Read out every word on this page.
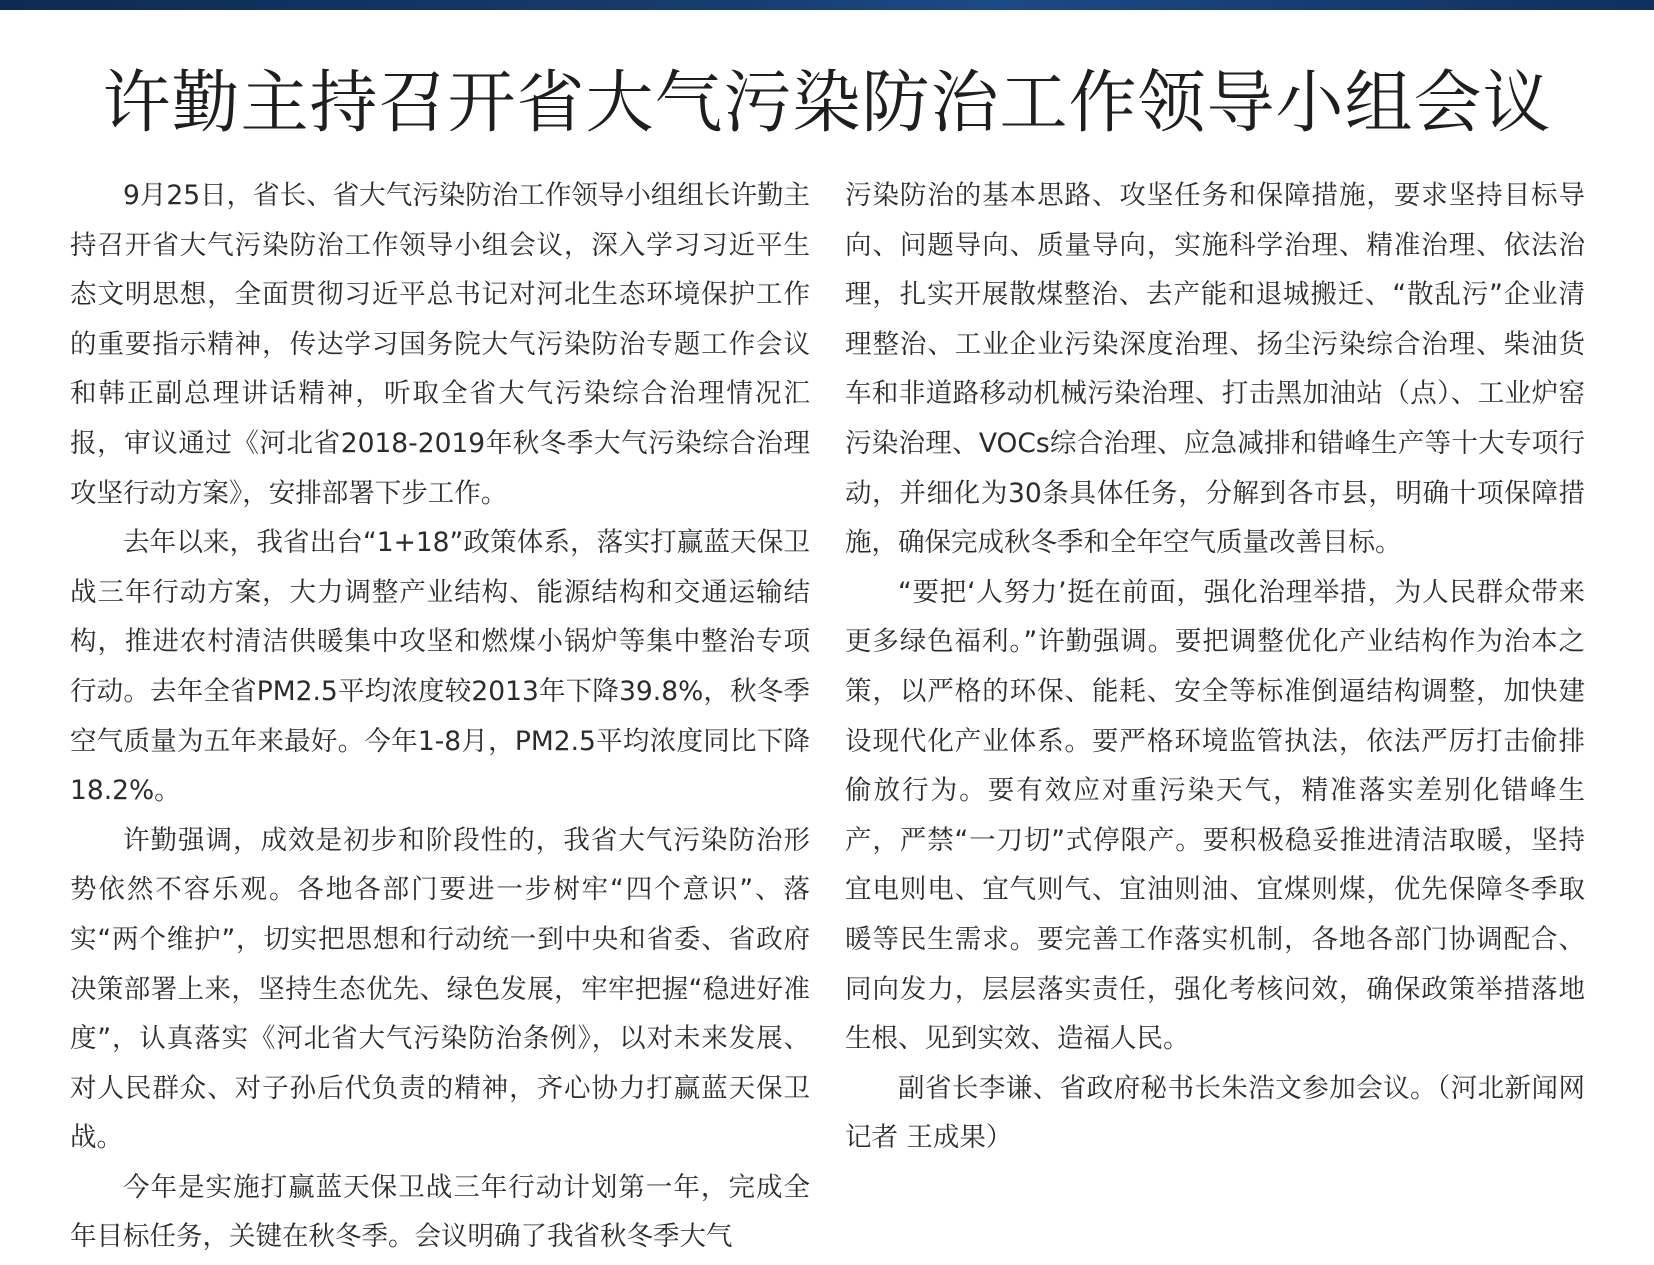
许勤主持召开省大气污染防治工作领导小组会议

9月25日，省长、省大气污染防治工作领导小组组长许勤主持召开省大气污染防治工作领导小组会议，深入学习习近平生态文明思想，全面贯彻习近平总书记对河北生态环境保护工作的重要指示精神，传达学习国务院大气污染防治专题工作会议和韩正副总理讲话精神，听取全省大气污染综合治理情况汇报，审议通过《河北省2018-2019年秋冬季大气污染综合治理攻坚行动方案》，安排部署下步工作。

去年以来，我省出台“1+18”政策体系，落实打赢蓝天保卫战三年行动方案，大力调整产业结构、能源结构和交通运输结构，推进农村清洁供暖集中攻坚和燃煤小锅炉等集中整治专项行动。去年全省PM2.5平均浓度较2013年下降39.8%，秋冬季空气质量为五年来最好。今年1-8月，PM2.5平均浓度同比下降18.2%。

许勤强调，成效是初步和阶段性的，我省大气污染防治形势依然不容乐观。各地各部门要进一步树牢“四个意识”、落实“两个维护”，切实把思想和行动统一到中央和省委、省政府决策部署上来，坚持生态优先、绿色发展，牢牢把握“稳进好准度”，认真落实《河北省大气污染防治条例》，以对未来发展、对人民群众、对子孙后代负责的精神，齐心协力打赢蓝天保卫战。

今年是实施打赢蓝天保卫战三年行动计划第一年，完成全年目标任务，关键在秋冬季。会议明确了我省秋冬季大气

污染防治的基本思路、攻坚任务和保障措施，要求坚持目标导向、问题导向、质量导向，实施科学治理、精准治理、依法治理，扎实开展散煤整治、去产能和退城搬迁、“散乱污”企业清理整治、工业企业污染深度治理、扬尘污染综合治理、柴油货车和非道路移动机械污染治理、打击黑加油站（点）、工业炉窑污染治理、VOCs综合治理、应急减排和错峰生产等十大专项行动，并细化为30条具体任务，分解到各市县，明确十项保障措施，确保完成秋冬季和全年空气质量改善目标。

“要把‘人努力’挺在前面，强化治理举措，为人民群众带来更多绿色福利。”许勤强调。要把调整优化产业结构作为治本之策，以严格的环保、能耗、安全等标准倒逼结构调整，加快建设现代化产业体系。要严格环境监管执法，依法严厉打击偷排偷放行为。要有效应对重污染天气，精准落实差别化错峰生产，严禁“一刀切”式停限产。要积极稳妥推进清洁取暖，坚持宜电则电、宜气则气、宜油则油、宜煤则煤，优先保障冬季取暖等民生需求。要完善工作落实机制，各地各部门协调配合、同向发力，层层落实责任，强化考核问效，确保政策举措落地生根、见到实效、造福人民。

副省长李谦、省政府秘书长朱浩文参加会议。（河北新闻网记者 王成果）
